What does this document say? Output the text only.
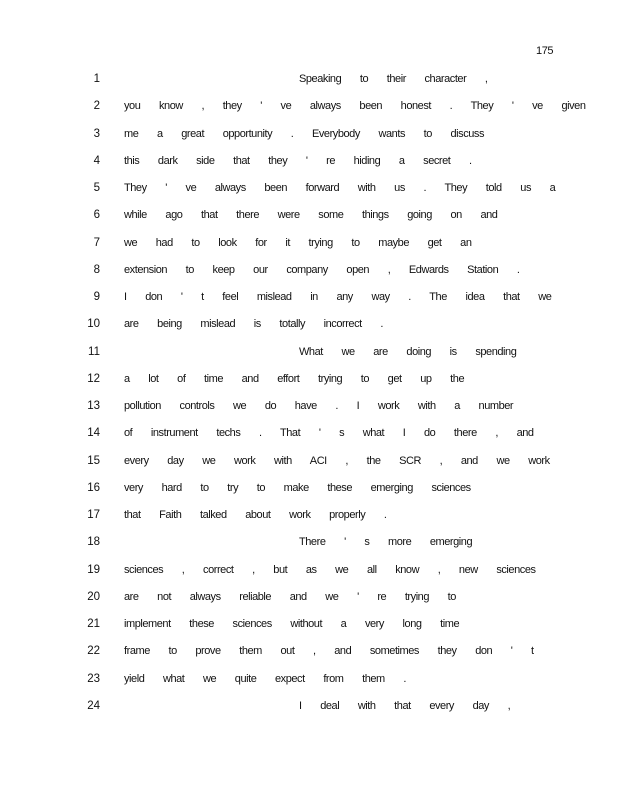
175
1	Speaking to their character ,
2 you know , they ' ve always been honest . They ' ve given
3 me a great opportunity . Everybody wants to discuss
4 this dark side that they ' re hiding a secret .
5 They ' ve always been forward with us . They told us a
6 while ago that there were some things going on and
7 we had to look for it trying to maybe get an
8 extension to keep our company open , Edwards Station .
9 I don ' t feel mislead in any way . The idea that we
10 are being mislead is totally incorrect .
11	What we are doing is spending
12 a lot of time and effort trying to get up the
13 pollution controls we do have . I work with a number
14 of instrument techs . That ' s what I do there , and
15 every day we work with ACI , the SCR , and we work
16 very hard to try to make these emerging sciences
17 that Faith talked about work properly .
18	There ' s more emerging
19 sciences , correct , but as we all know , new sciences
20 are not always reliable and we ' re trying to
21 implement these sciences without a very long time
22 frame to prove them out , and sometimes they don ' t
23 yield what we quite expect from them .
24	I deal with that every day ,
